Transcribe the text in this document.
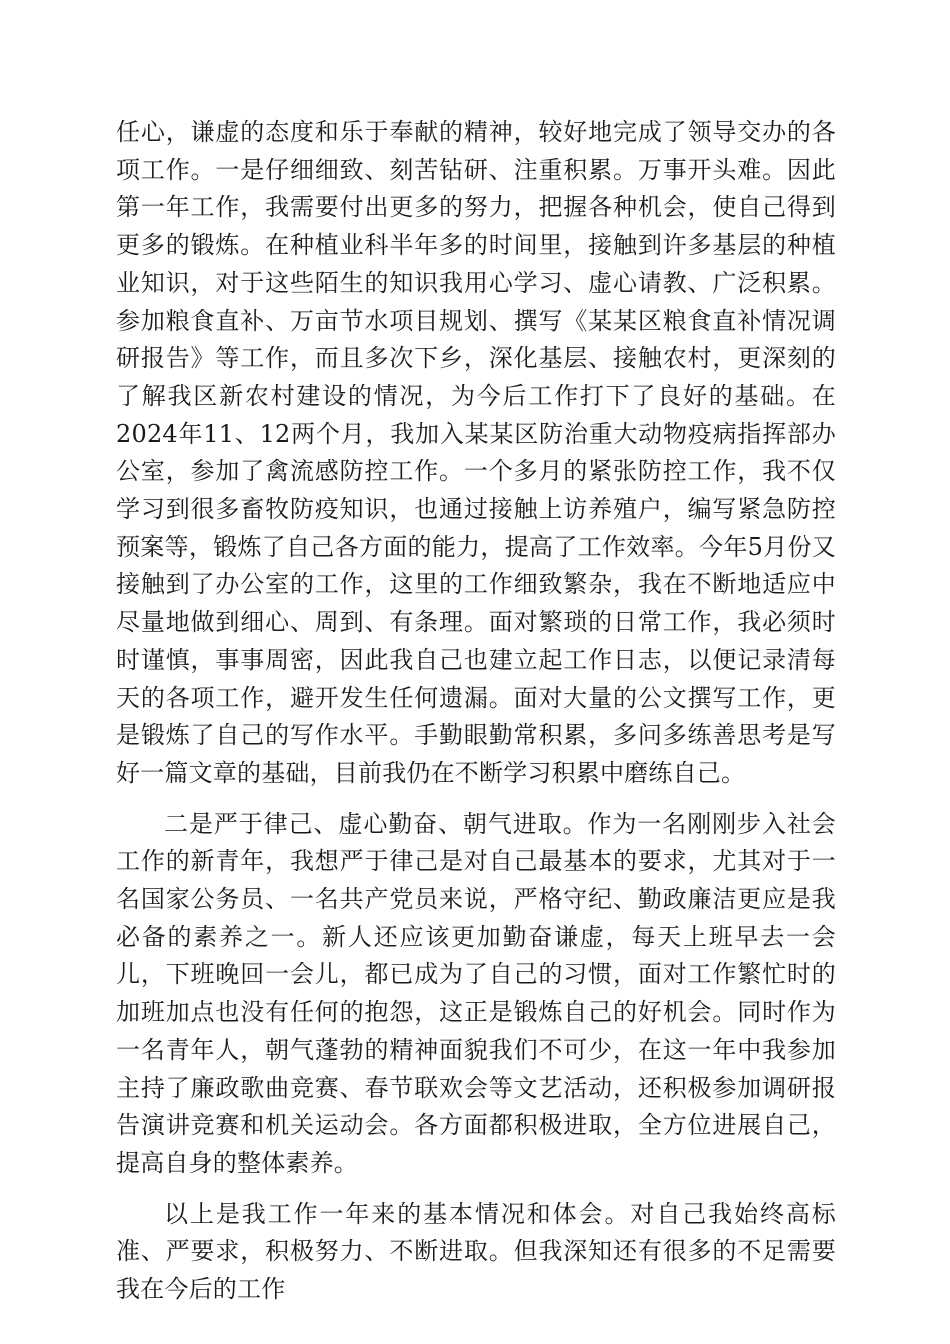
任心，谦虚的态度和乐于奉献的精神，较好地完成了领导交办的各项工作。一是仔细细致、刻苦钻研、注重积累。万事开头难。因此第一年工作，我需要付出更多的努力，把握各种机会，使自己得到更多的锻炼。在种植业科半年多的时间里，接触到许多基层的种植业知识，对于这些陌生的知识我用心学习、虚心请教、广泛积累。参加粮食直补、万亩节水项目规划、撰写《某某区粮食直补情况调研报告》等工作，而且多次下乡，深化基层、接触农村，更深刻的了解我区新农村建设的情况，为今后工作打下了良好的基础。在2024年11、12两个月，我加入某某区防治重大动物疫病指挥部办公室，参加了禽流感防控工作。一个多月的紧张防控工作，我不仅学习到很多畜牧防疫知识，也通过接触上访养殖户，编写紧急防控预案等，锻炼了自己各方面的能力，提高了工作效率。今年5月份又接触到了办公室的工作，这里的工作细致繁杂，我在不断地适应中尽量地做到细心、周到、有条理。面对繁琐的日常工作，我必须时时谨慎，事事周密，因此我自己也建立起工作日志，以便记录清每天的各项工作，避开发生任何遗漏。面对大量的公文撰写工作，更是锻炼了自己的写作水平。手勤眼勤常积累，多问多练善思考是写好一篇文章的基础，目前我仍在不断学习积累中磨练自己。

二是严于律己、虚心勤奋、朝气进取。作为一名刚刚步入社会工作的新青年，我想严于律己是对自己最基本的要求，尤其对于一名国家公务员、一名共产党员来说，严格守纪、勤政廉洁更应是我必备的素养之一。新人还应该更加勤奋谦虚，每天上班早去一会儿，下班晚回一会儿，都已成为了自己的习惯，面对工作繁忙时的加班加点也没有任何的抱怨，这正是锻炼自己的好机会。同时作为一名青年人，朝气蓬勃的精神面貌我们不可少，在这一年中我参加主持了廉政歌曲竞赛、春节联欢会等文艺活动，还积极参加调研报告演讲竞赛和机关运动会。各方面都积极进取，全方位进展自己，提高自身的整体素养。

以上是我工作一年来的基本情况和体会。对自己我始终高标准、严要求，积极努力、不断进取。但我深知还有很多的不足需要我在今后的工作
